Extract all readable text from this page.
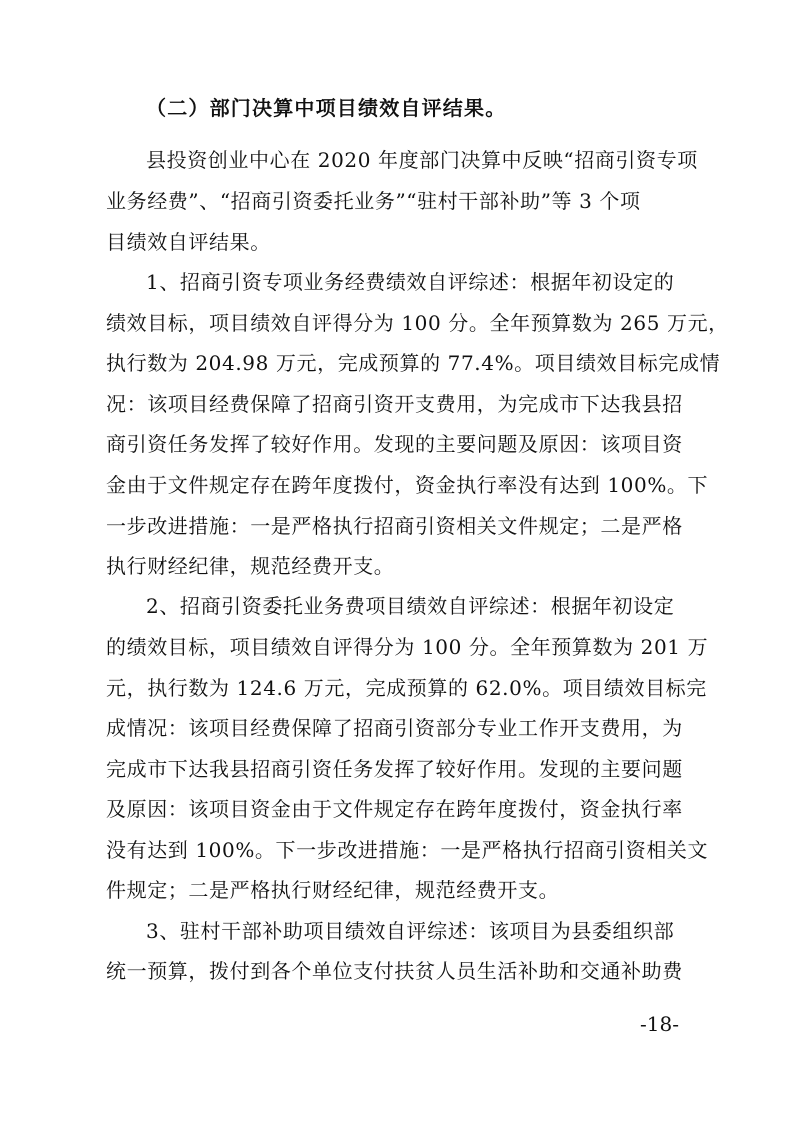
（二）部门决算中项目绩效自评结果。
县投资创业中心在 2020 年度部门决算中反映“招商引资专项
业务经费”、“招商引资委托业务”“驻村干部补助”等 3 个项
目绩效自评结果。
1、招商引资专项业务经费绩效自评综述：根据年初设定的
绩效目标，项目绩效自评得分为 100 分。全年预算数为 265 万元，
执行数为 204.98 万元，完成预算的 77.4%。项目绩效目标完成情
况：该项目经费保障了招商引资开支费用，为完成市下达我县招
商引资任务发挥了较好作用。发现的主要问题及原因：该项目资
金由于文件规定存在跨年度拨付，资金执行率没有达到 100%。下
一步改进措施：一是严格执行招商引资相关文件规定；二是严格
执行财经纪律，规范经费开支。
2、招商引资委托业务费项目绩效自评综述：根据年初设定
的绩效目标，项目绩效自评得分为 100 分。全年预算数为 201 万
元，执行数为 124.6 万元，完成预算的 62.0%。项目绩效目标完
成情况：该项目经费保障了招商引资部分专业工作开支费用，为
完成市下达我县招商引资任务发挥了较好作用。发现的主要问题
及原因：该项目资金由于文件规定存在跨年度拨付，资金执行率
没有达到 100%。下一步改进措施：一是严格执行招商引资相关文
件规定；二是严格执行财经纪律，规范经费开支。
3、驻村干部补助项目绩效自评综述：该项目为县委组织部
统一预算，拨付到各个单位支付扶贫人员生活补助和交通补助费
-18-
